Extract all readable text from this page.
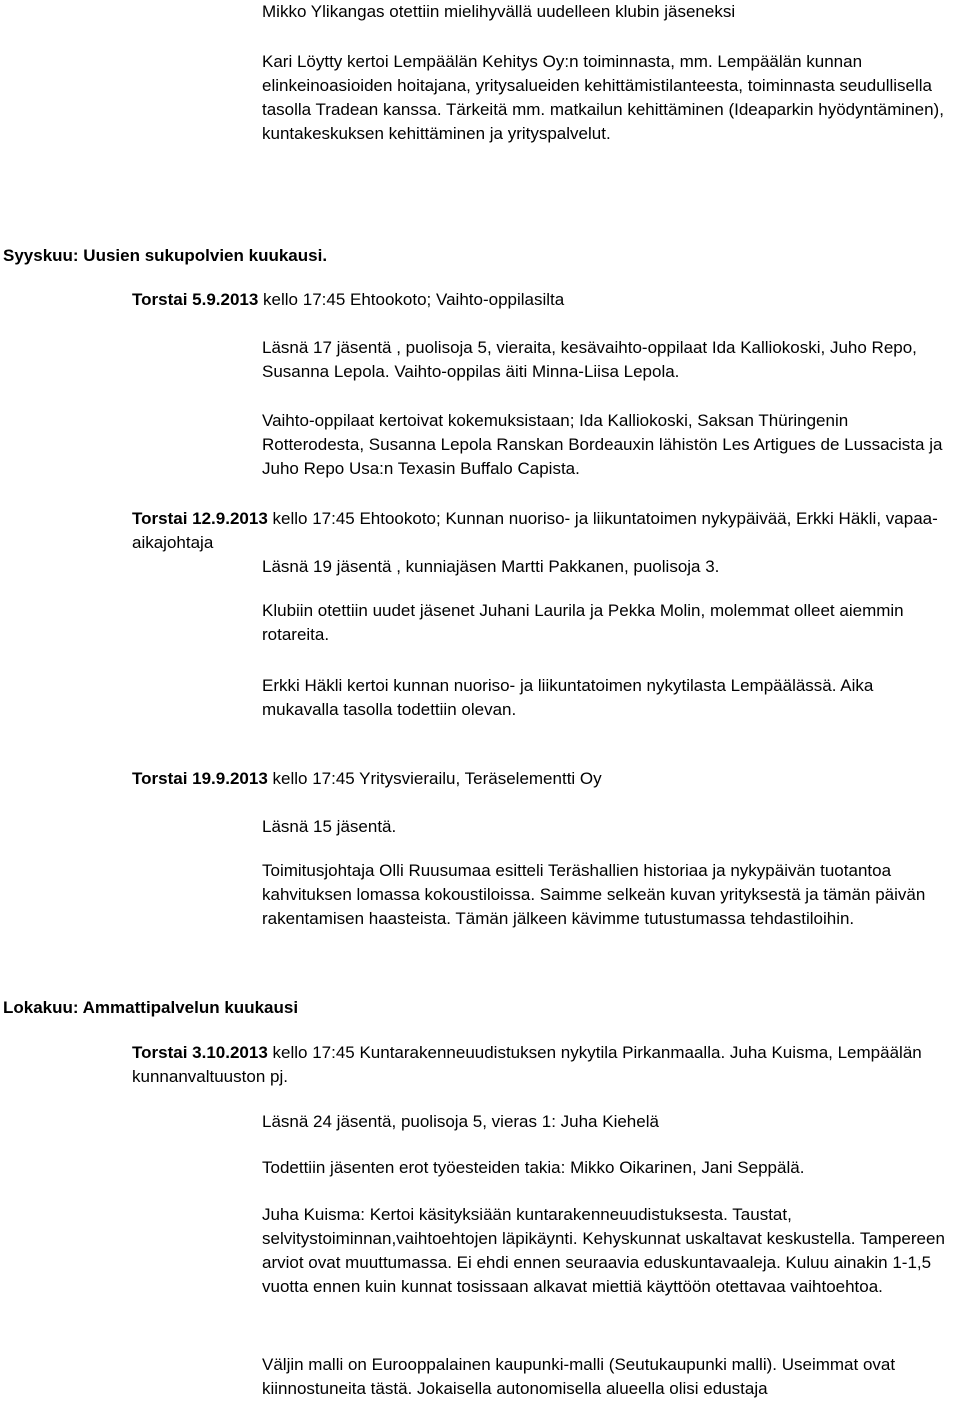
Mikko Ylikangas otettiin mielihyvällä uudelleen klubin jäseneksi

Kari Löytty kertoi Lempäälän Kehitys Oy:n toiminnasta, mm. Lempäälän kunnan elinkeinoasioiden hoitajana, yritysalueiden kehittämistilanteesta, toiminnasta seudullisella tasolla Tradean kanssa. Tärkeitä mm. matkailun kehittäminen (Ideaparkin hyödyntäminen), kuntakeskuksen kehittäminen ja yrityspalvelut.

Syyskuu: Uusien sukupolvien kuukausi.

Torstai 5.9.2013 kello 17:45 Ehtookoto; Vaihto-oppilasilta

Läsnä 17 jäsentä , puolisoja 5, vieraita, kesävaihto-oppilaat Ida Kalliokoski, Juho Repo, Susanna Lepola. Vaihto-oppilas äiti Minna-Liisa Lepola.

Vaihto-oppilaat kertoivat kokemuksistaan; Ida Kalliokoski, Saksan Thüringenin Rotterodesta, Susanna Lepola Ranskan Bordeauxin lähistön Les Artigues de Lussacista ja Juho Repo Usa:n Texasin Buffalo Capista.

Torstai 12.9.2013 kello 17:45 Ehtookoto; Kunnan nuoriso- ja liikuntatoimen nykypäivää, Erkki Häkli, vapaa-aikajohtaja

Läsnä 19 jäsentä , kunniajäsen Martti Pakkanen, puolisoja 3.

Klubiin otettiin uudet jäsenet Juhani Laurila ja Pekka Molin, molemmat olleet aiemmin rotareita.

Erkki Häkli kertoi kunnan nuoriso- ja liikuntatoimen nykytilasta Lempäälässä. Aika mukavalla tasolla todettiin olevan.

Torstai 19.9.2013 kello 17:45 Yritysvierailu, Teräselementti Oy

Läsnä 15 jäsentä.

Toimitusjohtaja Olli Ruusumaa esitteli Teräshallien historiaa ja nykypäivän tuotantoa kahvituksen lomassa kokoustiloissa. Saimme selkeän kuvan yrityksestä ja tämän päivän rakentamisen haasteista. Tämän jälkeen kävimme tutustumassa tehdastiloihin.

Lokakuu: Ammattipalvelun kuukausi

Torstai 3.10.2013 kello 17:45 Kuntarakenneuudistuksen nykytila Pirkanmaalla. Juha Kuisma, Lempäälän kunnanvaltuuston pj.

Läsnä 24 jäsentä, puolisoja 5, vieras 1: Juha Kiehelä

Todettiin jäsenten erot työesteiden takia: Mikko Oikarinen, Jani Seppälä.

Juha Kuisma: Kertoi käsityksiään kuntarakenneuudistuksesta. Taustat, selvitystoiminnan,vaihtoehtojen läpikäynti. Kehyskunnat uskaltavat keskustella. Tampereen arviot ovat muuttumassa. Ei ehdi ennen seuraavia eduskuntavaaleja. Kuluu ainakin 1-1,5 vuotta ennen kuin kunnat tosissaan alkavat miettiä käyttöön otettavaa vaihtoehtoa.

Väljin malli on Eurooppalainen kaupunki-malli (Seutukaupunki malli). Useimmat ovat kiinnostuneita tästä. Jokaisella autonomisella alueella olisi edustaja
